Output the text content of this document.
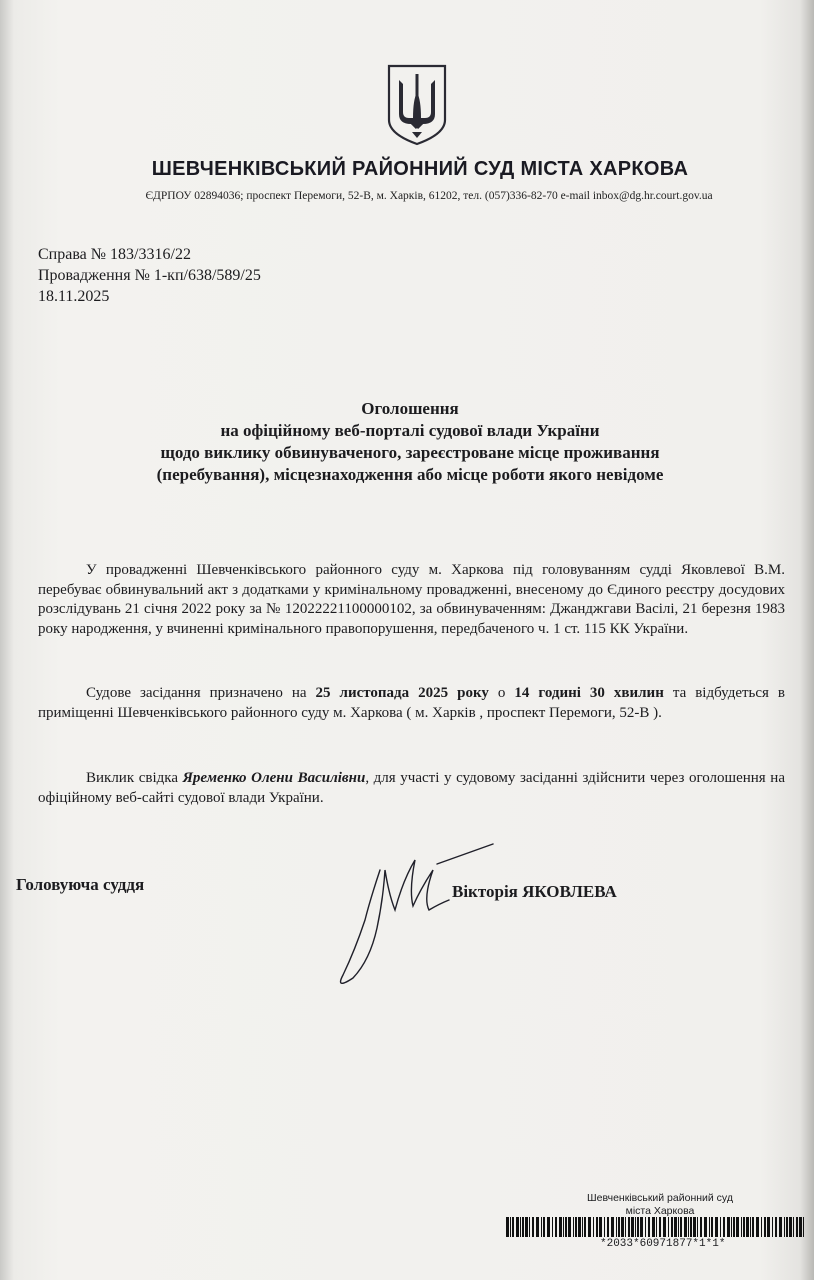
ШЕВЧЕНКІВСЬКИЙ РАЙОННИЙ СУД МІСТА ХАРКОВА
ЄДРПОУ 02894036; проспект Перемоги, 52-В, м. Харків, 61202, тел. (057)336-82-70 e-mail inbox@dg.hr.court.gov.ua
Справа № 183/3316/22
Провадження № 1-кп/638/589/25
18.11.2025
Оголошення
на офіційному веб-порталі судової влади України
щодо виклику обвинуваченого, зареєстроване місце проживання
(перебування), місцезнаходження або місце роботи якого невідоме
У провадженні Шевченківського районного суду м. Харкова під головуванням судді Яковлевої В.М. перебуває обвинувальний акт з додатками у кримінальному провадженні, внесеному до Єдиного реєстру досудових розслідувань 21 січня 2022 року за № 12022221100000102, за обвинуваченням: Джанджгави Васілі, 21 березня 1983 року народження, у вчиненні кримінального правопорушення, передбаченого ч. 1 ст. 115 КК України.
Судове засідання призначено на 25 листопада 2025 року о 14 годині 30 хвилин та відбудеться в приміщенні Шевченківського районного суду м. Харкова ( м. Харків , проспект Перемоги, 52-В ).
Виклик свідка Яременко Олени Василівни, для участі у судовому засіданні здійснити через оголошення на офіційному веб-сайті судової влади України.
Головуюча суддя	Вікторія ЯКОВЛЕВА
Шевченківський районний суд
міста Харкова
*2033*60971877*1*1*
